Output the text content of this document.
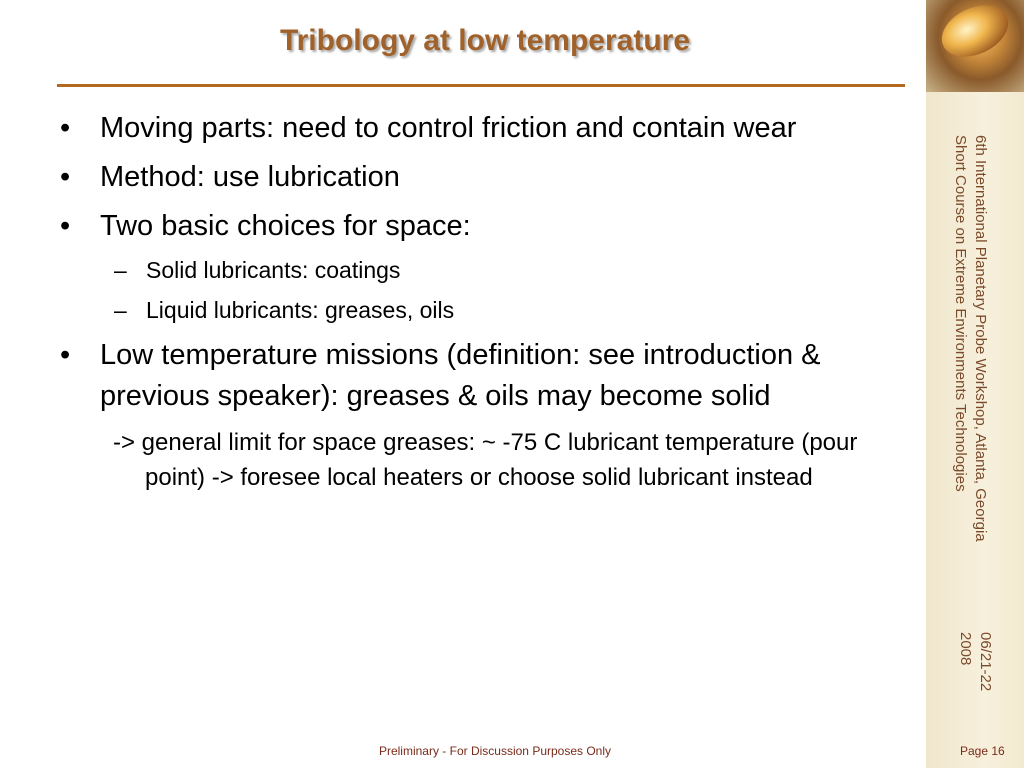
Tribology at low temperature
• Moving parts: need to control friction and contain wear
• Method: use lubrication
• Two basic choices for space:
– Solid lubricants: coatings
– Liquid lubricants: greases, oils
• Low temperature missions (definition: see introduction & previous speaker): greases & oils may become solid
-> general limit for space greases: ~ -75 C lubricant temperature (pour point) -> foresee local heaters or choose solid lubricant instead	6th International Planetary Probe Workshop, Atlanta, Georgia
Short Course on Extreme Environments Technologies
06/21-22
2008
Preliminary - For Discussion Purposes Only	Page 16
